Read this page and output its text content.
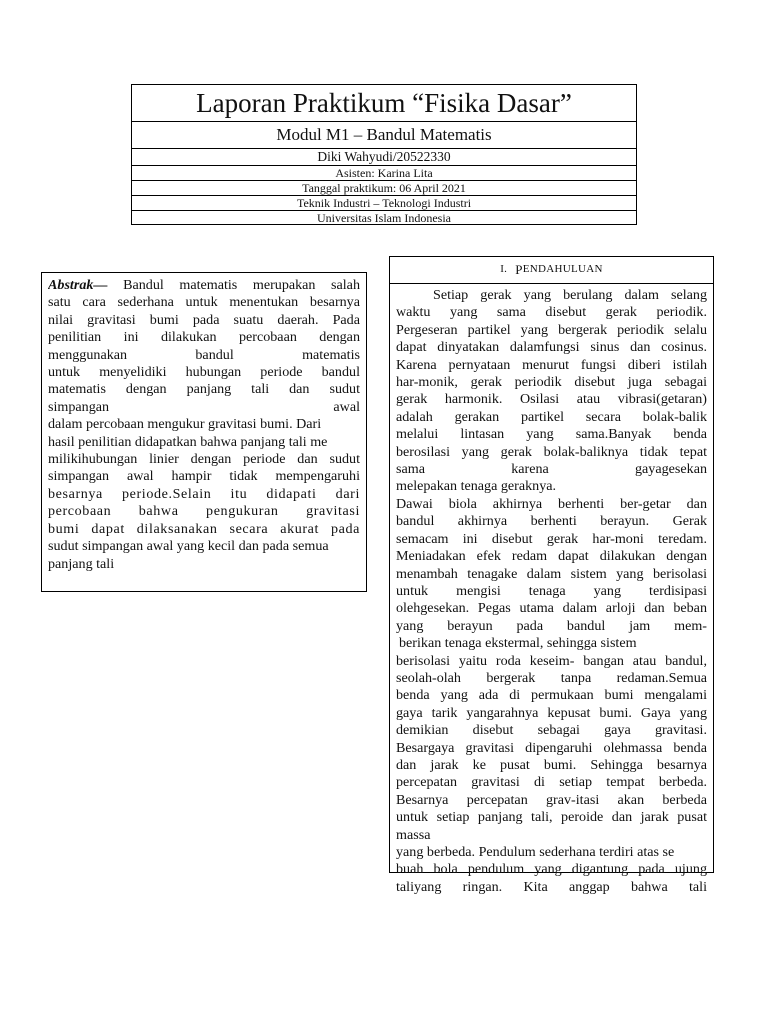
Laporan Praktikum “Fisika Dasar”
Modul M1 – Bandul Matematis
Diki Wahyudi/20522330
Asisten: Karina Lita
Tanggal praktikum: 06 April 2021
Teknik Industri – Teknologi Industri
Universitas Islam Indonesia
Abstrak— Bandul matematis merupakan salah
satu cara sederhana untuk menentukan besarnya
nilai gravitasi bumi pada suatu daerah. Pada
penilitian ini dilakukan percobaan dengan
menggunakan bandul matematis
untuk menyelidiki hubungan periode bandul
matematis dengan panjang tali dan sudut
simpangan awal
dalam percobaan mengukur gravitasi bumi. Dari
hasil penilitian didapatkan bahwa panjang tali me
milikihubungan linier dengan periode dan sudut
simpangan awal hampir tidak mempengaruhi
besarnya periode.Selain itu didapati dari
percobaan bahwa pengukuran gravitasi
bumi dapat dilaksanakan secara akurat pada
sudut simpangan awal yang kecil dan pada semua
panjang tali
I. P ENDAHULUAN
Setiap gerak yang berulang dalam selang
waktu yang sama disebut gerak periodik.
Pergeseran partikel yang bergerak periodik selalu
dapat dinyatakan dalamfungsi sinus dan cosinus.
Karena pernyataan menurut fungsi diberi istilah
har-monik, gerak periodik disebut juga sebagai
gerak harmonik. Osilasi atau vibrasi(getaran)
adalah gerakan partikel secara bolak-balik
melalui lintasan yang sama.Banyak benda
berosilasi yang gerak bolak-baliknya tidak tepat
sama karena gayagesekan
melepakan tenaga geraknya.
Dawai biola akhirnya berhenti ber-getar dan
bandul akhirnya berhenti berayun. Gerak
semacam ini disebut gerak har-moni teredam.
Meniadakan efek redam dapat dilakukan dengan
menambah tenagake dalam sistem yang berisolasi
untuk mengisi tenaga yang terdisipasi
olehgesekan. Pegas utama dalam arloji dan beban
yang berayun pada bandul jam mem-
berikan tenaga ekstermal, sehingga sistem
berisolasi yaitu roda keseim- bangan atau bandul,
seolah-olah bergerak tanpa redaman.Semua
benda yang ada di permukaan bumi mengalami
gaya tarik yangarahnya kepusat bumi. Gaya yang
demikian disebut sebagai gaya gravitasi.
Besargaya gravitasi dipengaruhi olehmassa benda
dan jarak ke pusat bumi. Sehingga besarnya
percepatan gravitasi di setiap tempat berbeda.
Besarnya percepatan grav-itasi akan berbeda
untuk setiap panjang tali, peroide dan jarak pusat
massa
yang berbeda. Pendulum sederhana terdiri atas se
buah bola pendulum yang digantung pada ujung
taliyang ringan. Kita anggap bahwa tali
